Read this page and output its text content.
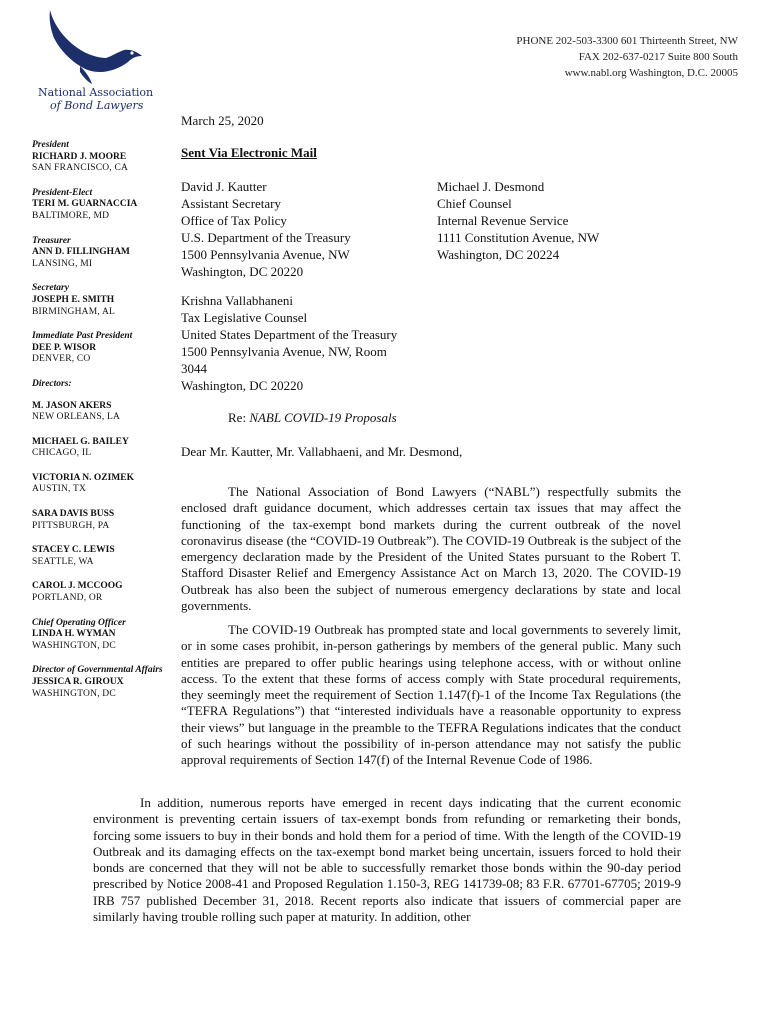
National Association
of Bond Lawyers
PHONE 202-503-3300 601 Thirteenth Street, NW
FAX 202-637-0217 Suite 800 South
www.nabl.org Washington, D.C. 20005
President
RICHARD J. MOORE
SAN FRANCISCO, CA
President-Elect
TERI M. GUARNACCIA
BALTIMORE, MD
Treasurer
ANN D. FILLINGHAM
LANSING, MI
Secretary
JOSEPH E. SMITH
BIRMINGHAM, AL
Immediate Past President
DEE P. WISOR
DENVER, CO
Directors:
M. JASON AKERS
NEW ORLEANS, LA
MICHAEL G. BAILEY
CHICAGO, IL
VICTORIA N. OZIMEK
AUSTIN, TX
SARA DAVIS BUSS
PITTSBURGH, PA
STACEY C. LEWIS
SEATTLE, WA
CAROL J. MCCOOG
PORTLAND, OR
Chief Operating Officer
LINDA H. WYMAN
WASHINGTON, DC
Director of Governmental Affairs
JESSICA R. GIROUX
WASHINGTON, DC
March 25, 2020
Sent Via Electronic Mail
David J. Kautter
Assistant Secretary
Office of Tax Policy
U.S. Department of the Treasury
1500 Pennsylvania Avenue, NW
Washington, DC 20220
Michael J. Desmond
Chief Counsel
Internal Revenue Service
1111 Constitution Avenue, NW
Washington, DC 20224
Krishna Vallabhaneni
Tax Legislative Counsel
United States Department of the Treasury
1500 Pennsylvania Avenue, NW, Room
3044
Washington, DC 20220
Re: NABL COVID-19 Proposals
Dear Mr. Kautter, Mr. Vallabhaeni, and Mr. Desmond,

The National Association of Bond Lawyers (“NABL”) respectfully submits the enclosed draft guidance document, which addresses certain tax issues that may affect the functioning of the tax-exempt bond markets during the current outbreak of the novel coronavirus disease (the “COVID-19 Outbreak”). The COVID-19 Outbreak is the subject of the emergency declaration made by the President of the United States pursuant to the Robert T. Stafford Disaster Relief and Emergency Assistance Act on March 13, 2020. The COVID-19 Outbreak has also been the subject of numerous emergency declarations by state and local governments.

The COVID-19 Outbreak has prompted state and local governments to severely limit, or in some cases prohibit, in-person gatherings by members of the general public. Many such entities are prepared to offer public hearings using telephone access, with or without online access. To the extent that these forms of access comply with State procedural requirements, they seemingly meet the requirement of Section 1.147(f)-1 of the Income Tax Regulations (the “TEFRA Regulations”) that “interested individuals have a reasonable opportunity to express their views” but language in the preamble to the TEFRA Regulations indicates that the conduct of such hearings without the possibility of in-person attendance may not satisfy the public approval requirements of Section 147(f) of the Internal Revenue Code of 1986.

In addition, numerous reports have emerged in recent days indicating that the current economic environment is preventing certain issuers of tax-exempt bonds from refunding or remarketing their bonds, forcing some issuers to buy in their bonds and hold them for a period of time. With the length of the COVID-19 Outbreak and its damaging effects on the tax-exempt bond market being uncertain, issuers forced to hold their bonds are concerned that they will not be able to successfully remarket those bonds within the 90-day period prescribed by Notice 2008-41 and Proposed Regulation 1.150-3, REG 141739-08; 83 F.R. 67701-67705; 2019-9 IRB 757 published December 31, 2018. Recent reports also indicate that issuers of commercial paper are similarly having trouble rolling such paper at maturity. In addition, other
